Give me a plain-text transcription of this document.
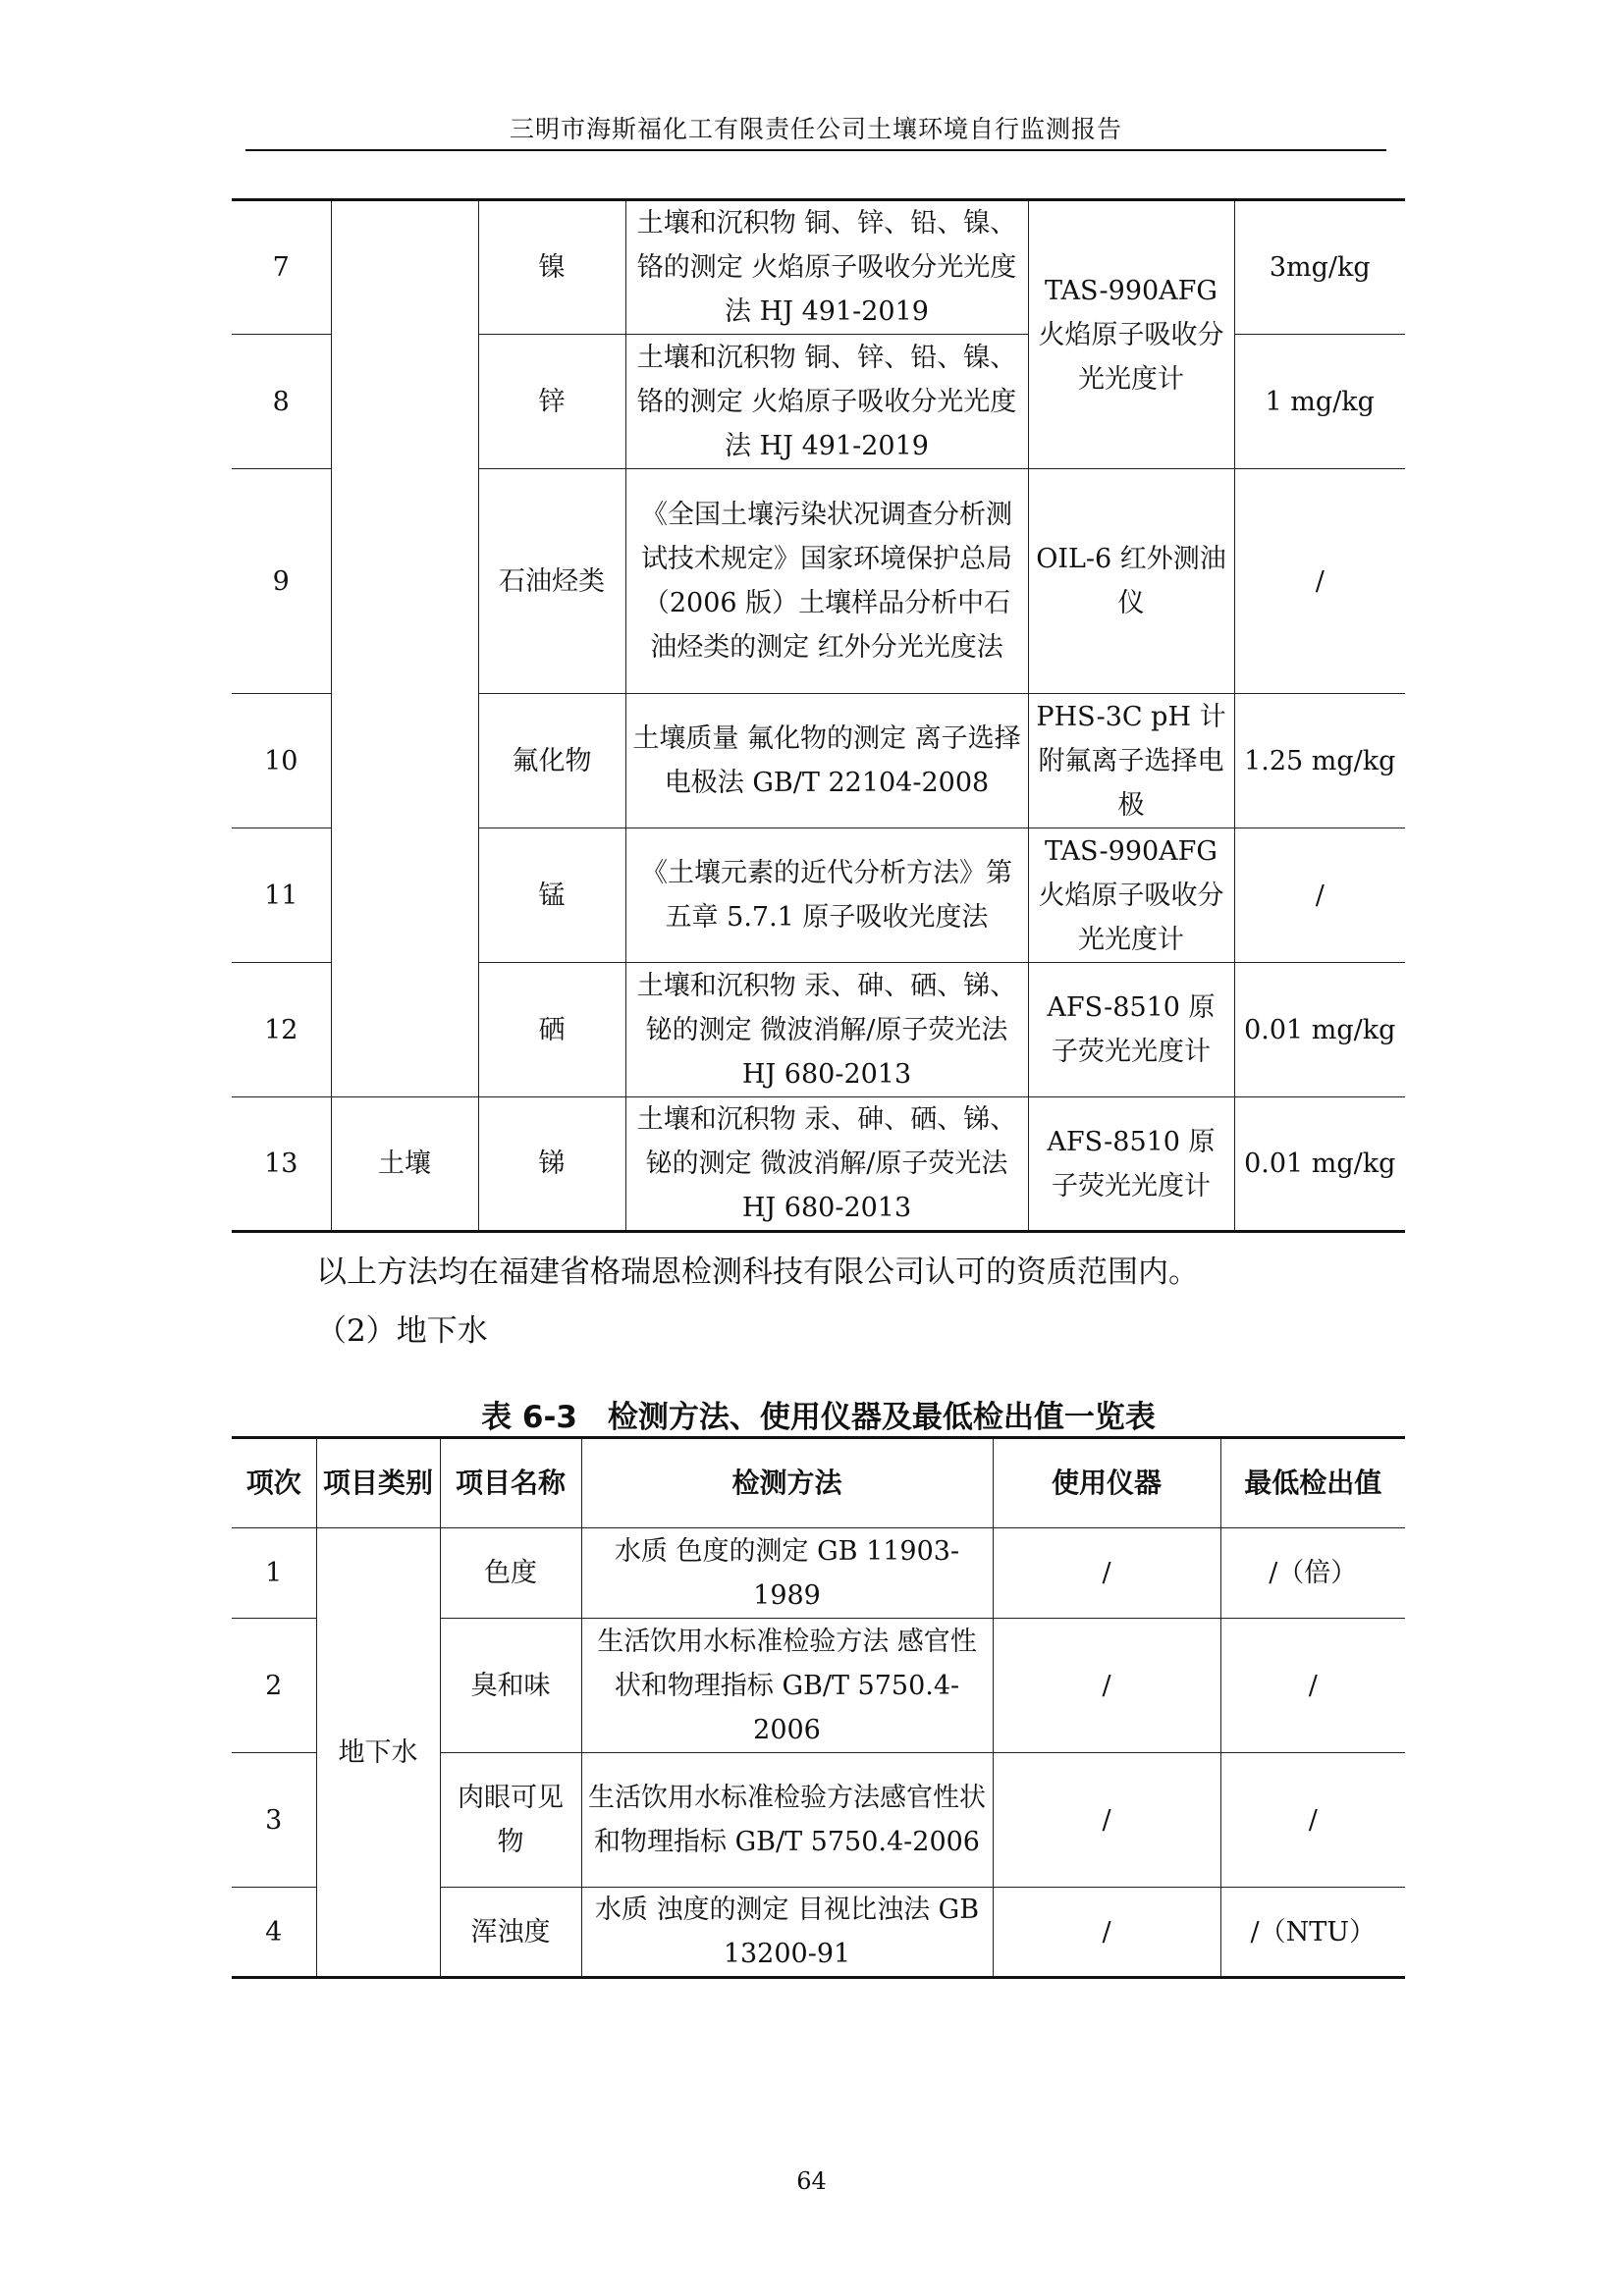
三明市海斯福化工有限责任公司土壤环境自行监测报告
7		镍	土壤和沉积物 铜、锌、铅、镍、铬的测定 火焰原子吸收分光光度法 HJ 491-2019	TAS-990AFG 火焰原子吸收分光光度计	3mg/kg
8		锌	土壤和沉积物 铜、锌、铅、镍、铬的测定 火焰原子吸收分光光度法 HJ 491-2019		1 mg/kg
9		石油烃类	《全国土壤污染状况调查分析测试技术规定》国家环境保护总局（2006 版）土壤样品分析中石油烃类的测定 红外分光光度法	OIL-6 红外测油仪	/
10		氟化物	土壤质量 氟化物的测定 离子选择电极法 GB/T 22104-2008	PHS-3C pH 计附氟离子选择电极	1.25 mg/kg
11		锰	《土壤元素的近代分析方法》第五章 5.7.1 原子吸收光度法	TAS-990AFG 火焰原子吸收分光光度计	/
12		硒	土壤和沉积物 汞、砷、硒、锑、铋的测定 微波消解/原子荧光法 HJ 680-2013	AFS-8510 原子荧光光度计	0.01 mg/kg
13	土壤	锑	土壤和沉积物 汞、砷、硒、锑、铋的测定 微波消解/原子荧光法 HJ 680-2013	AFS-8510 原子荧光光度计	0.01 mg/kg
以上方法均在福建省格瑞恩检测科技有限公司认可的资质范围内。
（2）地下水
表 6-3　检测方法、使用仪器及最低检出值一览表
项次	项目类别	项目名称	检测方法	使用仪器	最低检出值
1	地下水	色度	水质 色度的测定 GB 11903-1989	/	/（倍）
2		臭和味	生活饮用水标准检验方法 感官性状和物理指标 GB/T 5750.4-2006	/	/
3		肉眼可见物	生活饮用水标准检验方法感官性状和物理指标 GB/T 5750.4-2006	/	/
4		浑浊度	水质 浊度的测定 目视比浊法 GB 13200-91	/	/（NTU）
64
